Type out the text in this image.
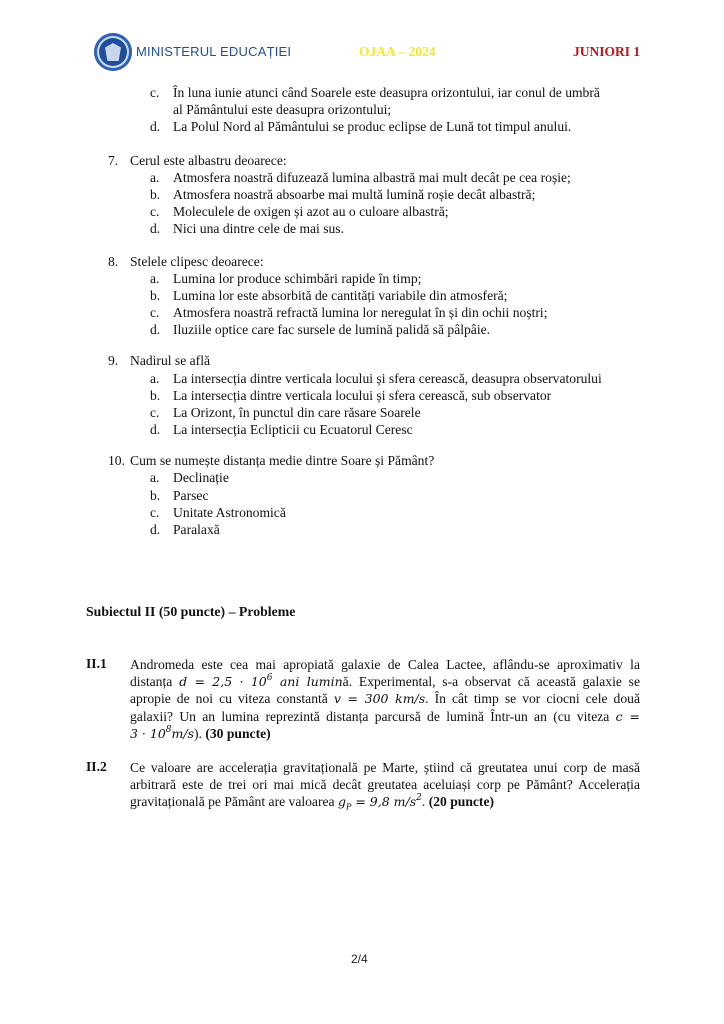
MINISTERUL EDUCAȚIEI	OJAA – 2024	JUNIORI 1
c. În luna iunie atunci când Soarele este deasupra orizontului, iar conul de umbră
al Pământului este deasupra orizontului;
d. La Polul Nord al Pământului se produc eclipse de Lună tot timpul anului.
7. Cerul este albastru deoarece:
a. Atmosfera noastră difuzează lumina albastră mai mult decât pe cea roșie;
b. Atmosfera noastră absoarbe mai multă lumină roșie decât albastră;
c. Moleculele de oxigen și azot au o culoare albastră;
d. Nici una dintre cele de mai sus.
8. Stelele clipesc deoarece:
a. Lumina lor produce schimbări rapide în timp;
b. Lumina lor este absorbită de cantități variabile din atmosferă;
c. Atmosfera noastră refractă lumina lor neregulat în și din ochii noștri;
d. Iluziile optice care fac sursele de lumină palidă să pâlpâie.
9. Nadirul se află
a. La intersecția dintre verticala locului și sfera cerească, deasupra observatorului
b. La intersecția dintre verticala locului și sfera cerească, sub observator
c. La Orizont, în punctul din care răsare Soarele
d. La intersecția Eclipticii cu Ecuatorul Ceresc
10. Cum se numește distanța medie dintre Soare și Pământ?
a. Declinație
b. Parsec
c. Unitate Astronomică
d. Paralaxă
Subiectul II (50 puncte) – Probleme
II.1 Andromeda este cea mai apropiată galaxie de Calea Lactee, aflându-se aproximativ la
distanța $d = 2,5 \cdot 10^6$ ani lumină. Experimental, s-a observat că această galaxie se
apropie de noi cu viteza constantă v = 300 km/s. În cât timp se vor ciocni cele două
galaxii? Un an lumina reprezintă distanța parcursă de lumină Într-un an (cu viteza c =
$3 \cdot 10^8m/s$). (30 puncte)
II.2 Ce valoare are accelerația gravitațională pe Marte, știind că greutatea unui corp de masă
arbitrară este de trei ori mai mică decât greutatea aceluiași corp pe Pământ? Accelerația
gravitațională pe Pământ are valoarea $g_P = 9,8$ $m/s^2$. (20 puncte)
2/4
